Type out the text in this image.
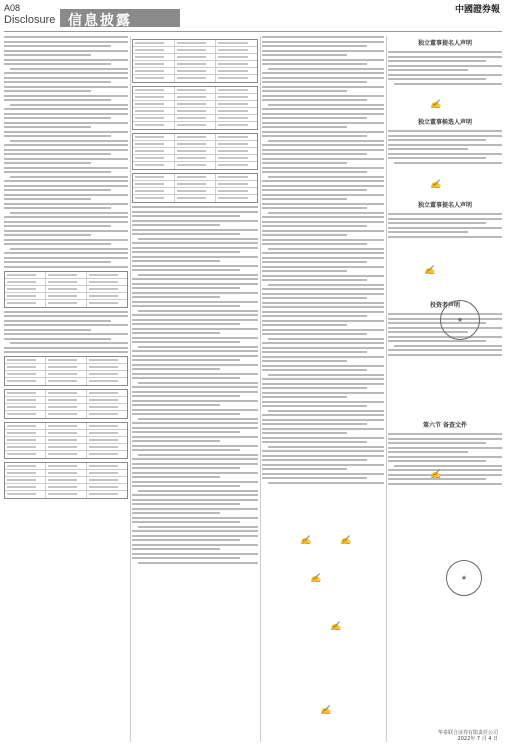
A08
Disclosure 信息披露
中國證券報
✍	✍
✍
✍
✍
独立董事提名人声明
独立董事候选人声明
独立董事提名人声明
投资者声明
第六节 备查文件
✍
✍
✍
★
✍
★
华泰联合证券有限责任公司
2022年 7 月 4 日
